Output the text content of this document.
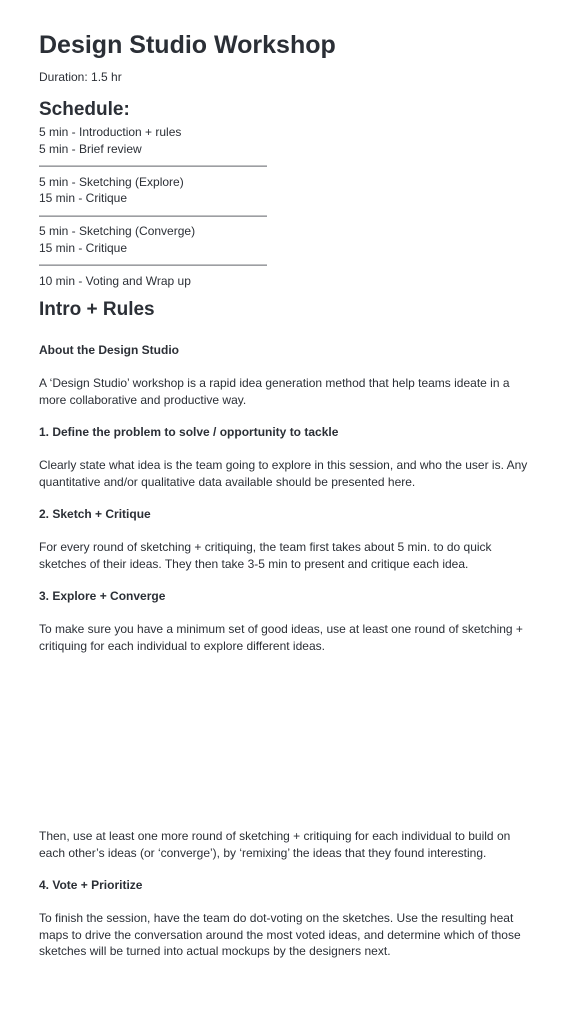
Design Studio Workshop
Duration: 1.5 hr
Schedule:
5 min - Introduction + rules
5 min - Brief review
———————————————————
5 min - Sketching (Explore)
15 min - Critique
———————————————————
5 min - Sketching (Converge)
15 min - Critique
———————————————————
10 min - Voting and Wrap up
Intro + Rules

About the Design Studio

A ‘Design Studio’ workshop is a rapid idea generation method that help teams ideate in a more collaborative and productive way.

1. Define the problem to solve / opportunity to tackle

Clearly state what idea is the team going to explore in this session, and who the user is. Any quantitative and/or qualitative data available should be presented here.

2. Sketch + Critique

For every round of sketching + critiquing, the team first takes about 5 min. to do quick sketches of their ideas. They then take 3-5 min to present and critique each idea.

3. Explore + Converge

To make sure you have a minimum set of good ideas, use at least one round of sketching + critiquing for each individual to explore different ideas.

Then, use at least one more round of sketching + critiquing for each individual to build on each other’s ideas (or ‘converge’), by ‘remixing’ the ideas that they found interesting.

4. Vote + Prioritize

To finish the session, have the team do dot-voting on the sketches. Use the resulting heat maps to drive the conversation around the most voted ideas, and determine which of those sketches will be turned into actual mockups by the designers next.
